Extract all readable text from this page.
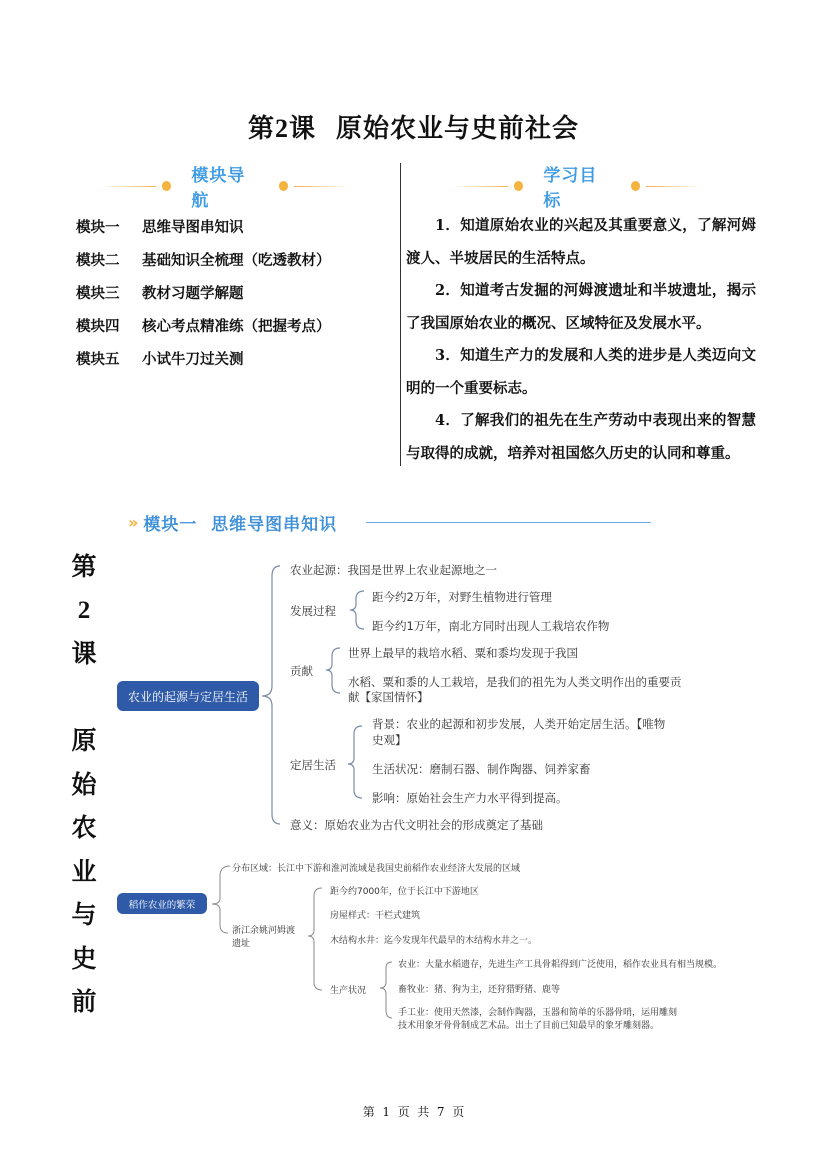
第2课  原始农业与史前社会
模块导航
学习目标
模块一	思维导图串知识
模块二	基础知识全梳理（吃透教材）
模块三	教材习题学解题
模块四	核心考点精准练（把握考点）
模块五	小试牛刀过关测

1．知道原始农业的兴起及其重要意义，了解河姆渡人、半坡居民的生活特点。

2．知道考古发掘的河姆渡遗址和半坡遗址，揭示了我国原始农业的概况、区域特征及发展水平。

3．知道生产力的发展和人类的进步是人类迈向文明的一个重要标志。

4．了解我们的祖先在生产劳动中表现出来的智慧与取得的成就，培养对祖国悠久历史的认同和尊重。

» 模块一  思维导图串知识
第
2
课
原
始
农
业
与
史
前
农业的起源与定居生活
农业起源：我国是世界上农业起源地之一
发展过程
距今约2万年，对野生植物进行管理
距今约1万年，南北方同时出现人工栽培农作物
贡献
世界上最早的栽培水稻、粟和黍均发现于我国
水稻、粟和黍的人工栽培，是我们的祖先为人类文明作出的重要贡
献【家国情怀】
定居生活
背景：农业的起源和初步发展，人类开始定居生活。【唯物
史观】
生活状况：磨制石器、制作陶器、饲养家畜
影响：原始社会生产力水平得到提高。
意义：原始农业为古代文明社会的形成奠定了基础
稻作农业的繁荣
分布区域：长江中下游和淮河流域是我国史前稻作农业经济大发展的区域
浙江余姚河姆渡
遗址
距今约7000年，位于长江中下游地区
房屋样式：干栏式建筑
木结构水井：迄今发现年代最早的木结构水井之一。
生产状况
农业：大量水稻遗存，先进生产工具骨耜得到广泛使用，稻作农业具有相当规模。
畜牧业：猪、狗为主，还狩猎野猪、鹿等
手工业：使用天然漆，会制作陶器，玉器和简单的乐器骨哨，运用雕刻
技术用象牙骨骨制成艺术品。出土了目前已知最早的象牙雕刻器。
第  1  页  共  7  页
